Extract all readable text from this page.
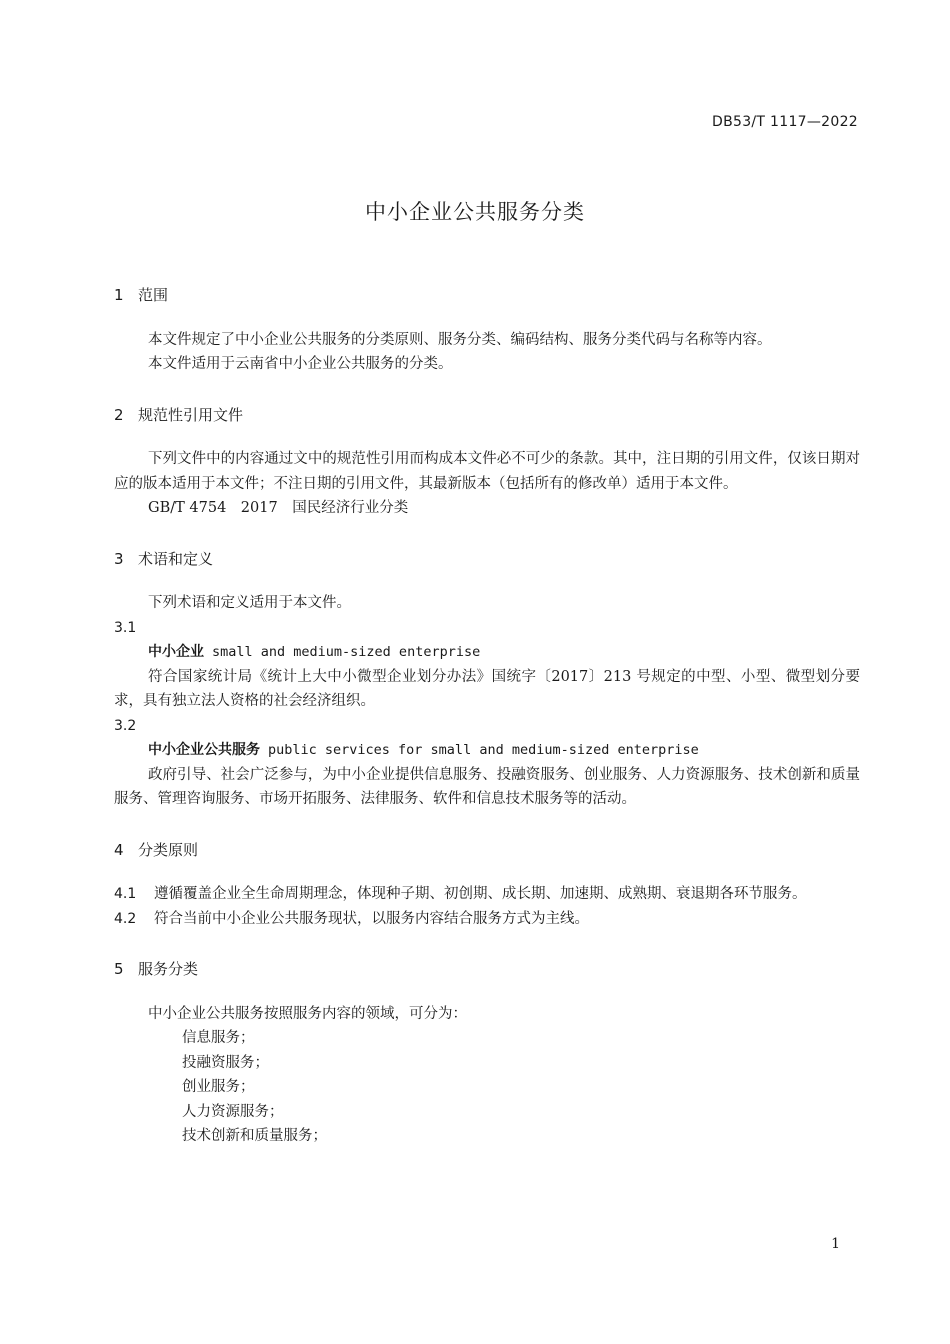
DB53/T 1117—2022
中小企业公共服务分类

1 范围

本文件规定了中小企业公共服务的分类原则、服务分类、编码结构、服务分类代码与名称等内容。

本文件适用于云南省中小企业公共服务的分类。

2 规范性引用文件

下列文件中的内容通过文中的规范性引用而构成本文件必不可少的条款。其中，注日期的引用文件，仅该日期对应的版本适用于本文件；不注日期的引用文件，其最新版本（包括所有的修改单）适用于本文件。

GB/T 4754　2017　国民经济行业分类

3 术语和定义

下列术语和定义适用于本文件。

3.1

中小企业 small and medium-sized enterprise

符合国家统计局《统计上大中小微型企业划分办法》国统字〔2017〕213 号规定的中型、小型、微型划分要求，具有独立法人资格的社会经济组织。

3.2

中小企业公共服务 public services for small and medium-sized enterprise

政府引导、社会广泛参与，为中小企业提供信息服务、投融资服务、创业服务、人力资源服务、技术创新和质量服务、管理咨询服务、市场开拓服务、法律服务、软件和信息技术服务等的活动。

4 分类原则

4.1 遵循覆盖企业全生命周期理念，体现种子期、初创期、成长期、加速期、成熟期、衰退期各环节服务。

4.2 符合当前中小企业公共服务现状，以服务内容结合服务方式为主线。

5 服务分类

中小企业公共服务按照服务内容的领域，可分为：

信息服务；

投融资服务；

创业服务；

人力资源服务；

技术创新和质量服务；

1
